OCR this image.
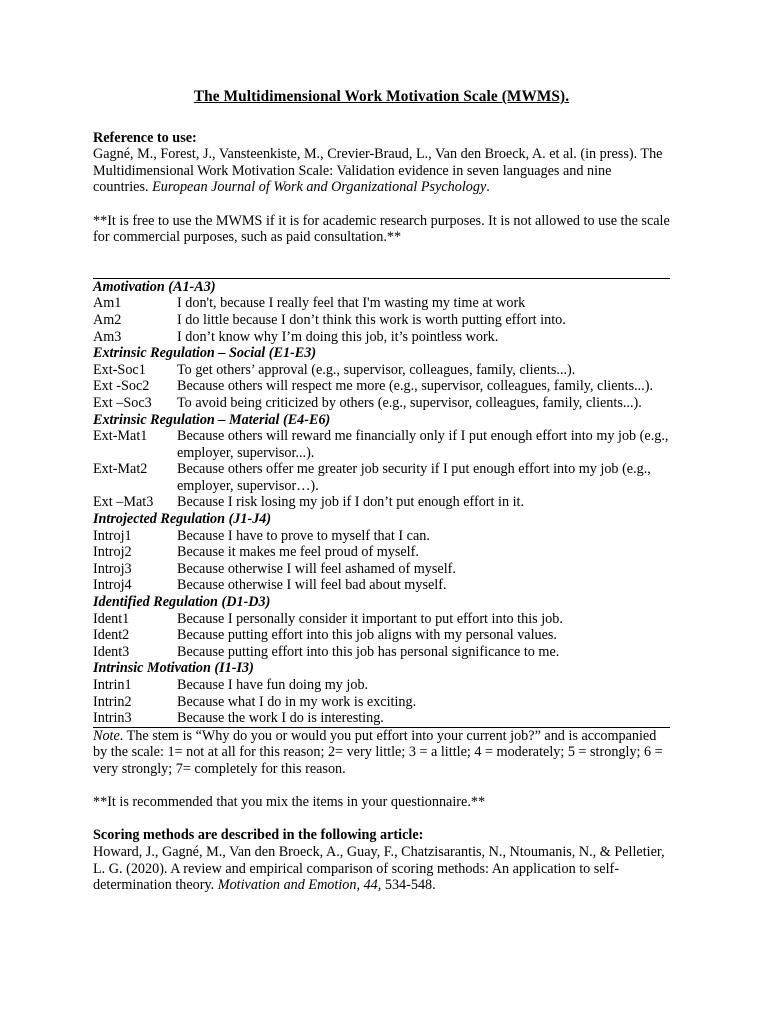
The Multidimensional Work Motivation Scale (MWMS).

Reference to use:

Gagné, M., Forest, J., Vansteenkiste, M., Crevier-Braud, L., Van den Broeck, A. et al. (in press). The Multidimensional Work Motivation Scale: Validation evidence in seven languages and nine countries. European Journal of Work and Organizational Psychology.

**It is free to use the MWMS if it is for academic research purposes. It is not allowed to use the scale for commercial purposes, such as paid consultation.**

Amotivation (A1-A3)

Am1	I don't, because I really feel that I'm wasting my time at work
Am2	I do little because I don’t think this work is worth putting effort into.
Am3	I don’t know why I’m doing this job, it’s pointless work.

Extrinsic Regulation – Social (E1-E3)

Ext-Soc1	To get others’ approval (e.g., supervisor, colleagues, family, clients...).
Ext -Soc2	Because others will respect me more (e.g., supervisor, colleagues, family, clients...).
Ext –Soc3	To avoid being criticized by others (e.g., supervisor, colleagues, family, clients...).

Extrinsic Regulation – Material (E4-E6)

Ext-Mat1	Because others will reward me financially only if I put enough effort into my job (e.g., employer, supervisor...).
Ext-Mat2	Because others offer me greater job security if I put enough effort into my job (e.g., employer, supervisor…).
Ext –Mat3	Because I risk losing my job if I don’t put enough effort in it.

Introjected Regulation (J1-J4)

Introj1	Because I have to prove to myself that I can.
Introj2	Because it makes me feel proud of myself.
Introj3	Because otherwise I will feel ashamed of myself.
Introj4	Because otherwise I will feel bad about myself.

Identified Regulation (D1-D3)

Ident1	Because I personally consider it important to put effort into this job.
Ident2	Because putting effort into this job aligns with my personal values.
Ident3	Because putting effort into this job has personal significance to me.

Intrinsic Motivation (I1-I3)

Intrin1	Because I have fun doing my job.
Intrin2	Because what I do in my work is exciting.
Intrin3	Because the work I do is interesting.

Note. The stem is “Why do you or would you put effort into your current job?” and is accompanied by the scale: 1= not at all for this reason; 2= very little; 3 = a little; 4 = moderately; 5 = strongly; 6 = very strongly; 7= completely for this reason.

**It is recommended that you mix the items in your questionnaire.**

Scoring methods are described in the following article:

Howard, J., Gagné, M., Van den Broeck, A., Guay, F., Chatzisarantis, N., Ntoumanis, N., & Pelletier, L. G. (2020). A review and empirical comparison of scoring methods: An application to self-determination theory. Motivation and Emotion, 44, 534-548.
